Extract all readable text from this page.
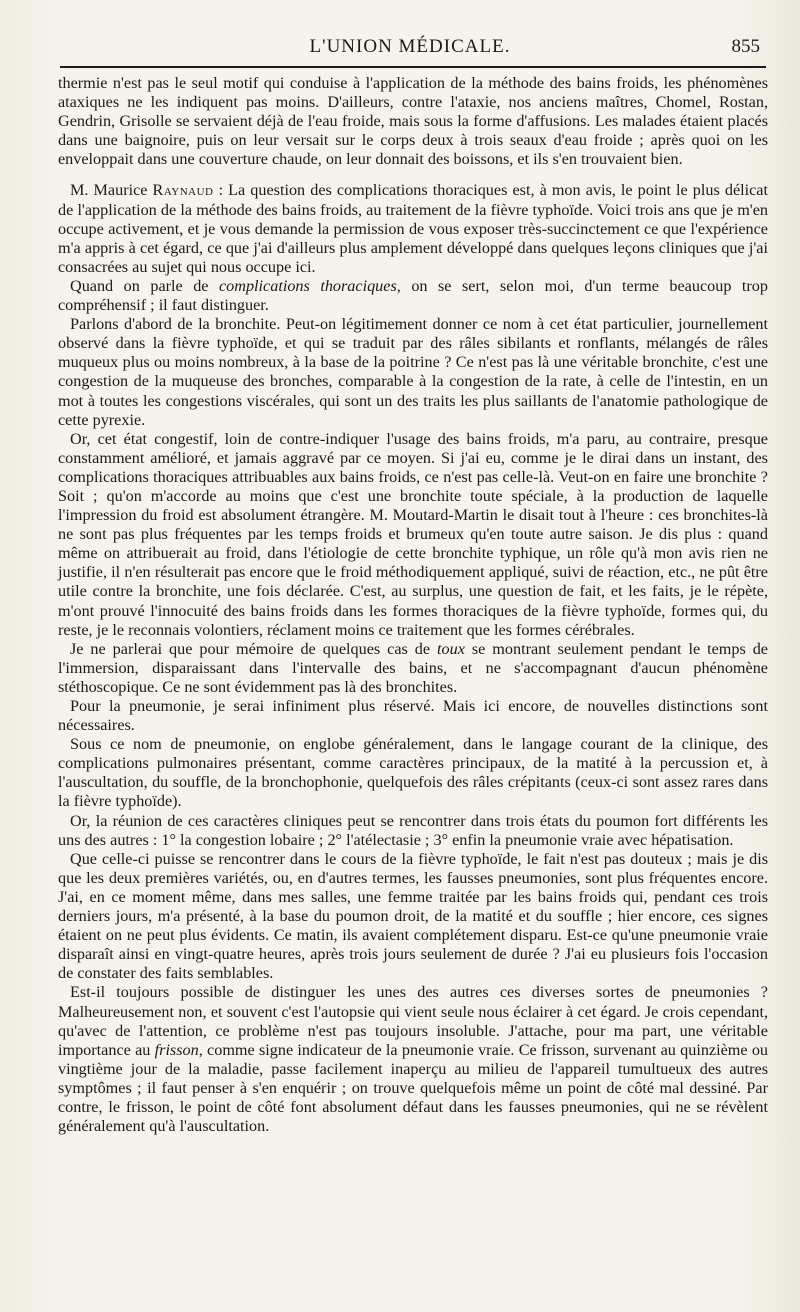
L'UNION MÉDICALE.	855

thermie n'est pas le seul motif qui conduise à l'application de la méthode des bains froids, les phénomènes ataxiques ne les indiquent pas moins. D'ailleurs, contre l'ataxie, nos anciens maîtres, Chomel, Rostan, Gendrin, Grisolle se servaient déjà de l'eau froide, mais sous la forme d'affusions. Les malades étaient placés dans une baignoire, puis on leur versait sur le corps deux à trois seaux d'eau froide ; après quoi on les enveloppait dans une couverture chaude, on leur donnait des boissons, et ils s'en trouvaient bien.

M. Maurice Raynaud : La question des complications thoraciques est, à mon avis, le point le plus délicat de l'application de la méthode des bains froids, au traitement de la fièvre typhoïde. Voici trois ans que je m'en occupe activement, et je vous demande la permission de vous exposer très-succinctement ce que l'expérience m'a appris à cet égard, ce que j'ai d'ailleurs plus amplement développé dans quelques leçons cliniques que j'ai consacrées au sujet qui nous occupe ici.

Quand on parle de complications thoraciques, on se sert, selon moi, d'un terme beaucoup trop compréhensif ; il faut distinguer.

Parlons d'abord de la bronchite. Peut-on légitimement donner ce nom à cet état particulier, journellement observé dans la fièvre typhoïde, et qui se traduit par des râles sibilants et ronflants, mélangés de râles muqueux plus ou moins nombreux, à la base de la poitrine ? Ce n'est pas là une véritable bronchite, c'est une congestion de la muqueuse des bronches, comparable à la congestion de la rate, à celle de l'intestin, en un mot à toutes les congestions viscérales, qui sont un des traits les plus saillants de l'anatomie pathologique de cette pyrexie.

Or, cet état congestif, loin de contre-indiquer l'usage des bains froids, m'a paru, au contraire, presque constamment amélioré, et jamais aggravé par ce moyen. Si j'ai eu, comme je le dirai dans un instant, des complications thoraciques attribuables aux bains froids, ce n'est pas celle-là. Veut-on en faire une bronchite ? Soit ; qu'on m'accorde au moins que c'est une bronchite toute spéciale, à la production de laquelle l'impression du froid est absolument étrangère. M. Moutard-Martin le disait tout à l'heure : ces bronchites-là ne sont pas plus fréquentes par les temps froids et brumeux qu'en toute autre saison. Je dis plus : quand même on attribuerait au froid, dans l'étiologie de cette bronchite typhique, un rôle qu'à mon avis rien ne justifie, il n'en résulterait pas encore que le froid méthodiquement appliqué, suivi de réaction, etc., ne pût être utile contre la bronchite, une fois déclarée. C'est, au surplus, une question de fait, et les faits, je le répète, m'ont prouvé l'innocuité des bains froids dans les formes thoraciques de la fièvre typhoïde, formes qui, du reste, je le reconnais volontiers, réclament moins ce traitement que les formes cérébrales.

Je ne parlerai que pour mémoire de quelques cas de toux se montrant seulement pendant le temps de l'immersion, disparaissant dans l'intervalle des bains, et ne s'accompagnant d'aucun phénomène stéthoscopique. Ce ne sont évidemment pas là des bronchites.

Pour la pneumonie, je serai infiniment plus réservé. Mais ici encore, de nouvelles distinctions sont nécessaires.

Sous ce nom de pneumonie, on englobe généralement, dans le langage courant de la clinique, des complications pulmonaires présentant, comme caractères principaux, de la matité à la percussion et, à l'auscultation, du souffle, de la bronchophonie, quelquefois des râles crépitants (ceux-ci sont assez rares dans la fièvre typhoïde).

Or, la réunion de ces caractères cliniques peut se rencontrer dans trois états du poumon fort différents les uns des autres : 1° la congestion lobaire ; 2° l'atélectasie ; 3° enfin la pneumonie vraie avec hépatisation.

Que celle-ci puisse se rencontrer dans le cours de la fièvre typhoïde, le fait n'est pas douteux ; mais je dis que les deux premières variétés, ou, en d'autres termes, les fausses pneumonies, sont plus fréquentes encore. J'ai, en ce moment même, dans mes salles, une femme traitée par les bains froids qui, pendant ces trois derniers jours, m'a présenté, à la base du poumon droit, de la matité et du souffle ; hier encore, ces signes étaient on ne peut plus évidents. Ce matin, ils avaient complétement disparu. Est-ce qu'une pneumonie vraie disparaît ainsi en vingt-quatre heures, après trois jours seulement de durée ? J'ai eu plusieurs fois l'occasion de constater des faits semblables.

Est-il toujours possible de distinguer les unes des autres ces diverses sortes de pneumonies ? Malheureusement non, et souvent c'est l'autopsie qui vient seule nous éclairer à cet égard. Je crois cependant, qu'avec de l'attention, ce problème n'est pas toujours insoluble. J'attache, pour ma part, une véritable importance au frisson, comme signe indicateur de la pneumonie vraie. Ce frisson, survenant au quinzième ou vingtième jour de la maladie, passe facilement inaperçu au milieu de l'appareil tumultueux des autres symptômes ; il faut penser à s'en enquérir ; on trouve quelquefois même un point de côté mal dessiné. Par contre, le frisson, le point de côté font absolument défaut dans les fausses pneumonies, qui ne se révèlent généralement qu'à l'auscultation.
